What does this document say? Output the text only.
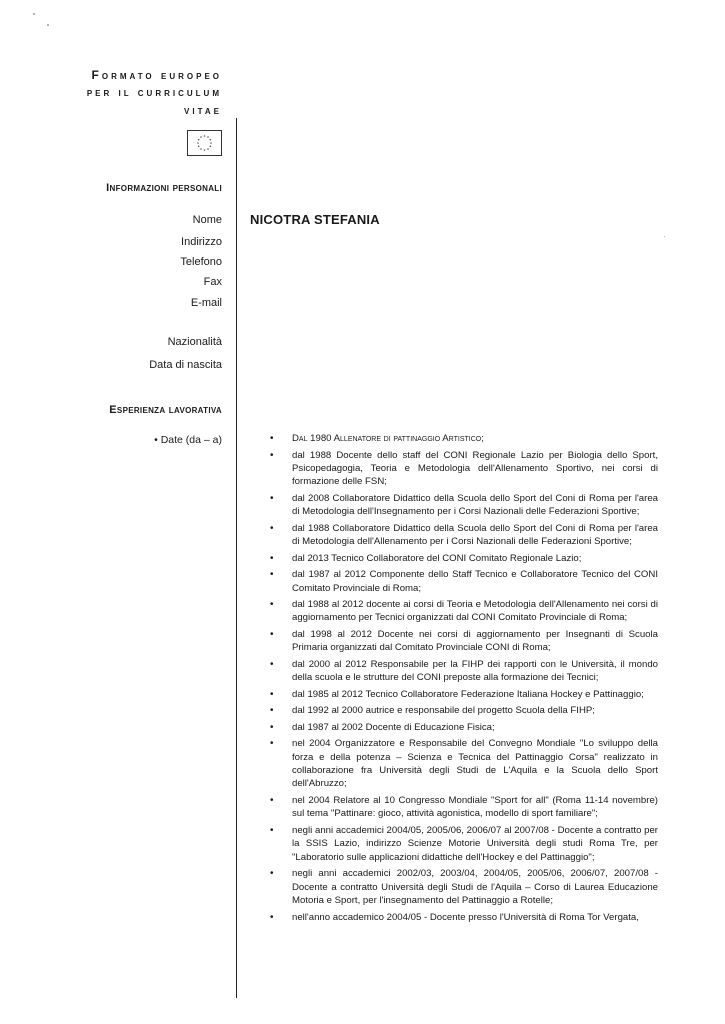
Formato europeo
per il curriculum
vitae
Informazioni personali
Nome
Indirizzo
Telefono
Fax
E-mail
Nazionalità
Data di nascita
NICOTRA STEFANIA
Esperienza lavorativa
• Date (da – a)
•	Dal 1980 Allenatore di pattinaggio Artistico;
• dal 1988 Docente dello staff del CONI Regionale Lazio per Biologia dello Sport, Psicopedagogia, Teoria e Metodologia dell'Allenamento Sportivo, nei corsi di formazione delle FSN;
• dal 2008 Collaboratore Didattico della Scuola dello Sport del Coni di Roma per l'area di Metodologia dell'Insegnamento per i Corsi Nazionali delle Federazioni Sportive;
• dal 1988 Collaboratore Didattico della Scuola dello Sport del Coni di Roma per l'area di Metodologia dell'Allenamento per i Corsi Nazionali delle Federazioni Sportive;
• dal 2013 Tecnico Collaboratore del CONI Comitato Regionale Lazio;
• dal 1987 al 2012 Componente dello Staff Tecnico e Collaboratore Tecnico del CONI Comitato Provinciale di Roma;
• dal 1988 al 2012 docente ai corsi di Teoria e Metodologia dell'Allenamento nei corsi di aggiornamento per Tecnici organizzati dal CONI Comitato Provinciale di Roma;
• dal 1998 al 2012 Docente nei corsi di aggiornamento per Insegnanti di Scuola Primaria organizzati dal Comitato Provinciale CONI di Roma;
• dal 2000 al 2012 Responsabile per la FIHP dei rapporti con le Università, il mondo della scuola e le strutture del CONI preposte alla formazione dei Tecnici;
• dal 1985 al 2012 Tecnico Collaboratore Federazione Italiana Hockey e Pattinaggio;
• dal 1992 al 2000 autrice e responsabile del progetto Scuola della FIHP;
• dal 1987 al 2002 Docente di Educazione Fisica;
• nel 2004 Organizzatore e Responsabile del Convegno Mondiale "Lo sviluppo della forza e della potenza – Scienza e Tecnica del Pattinaggio Corsa" realizzato in collaborazione fra Università degli Studi de L'Aquila e la Scuola dello Sport dell'Abruzzo;
• nel 2004 Relatore al 10 Congresso Mondiale "Sport for all" (Roma 11-14 novembre) sul tema "Pattinare: gioco, attività agonistica, modello di sport familiare";
• negli anni accademici 2004/05, 2005/06, 2006/07 al 2007/08 - Docente a contratto per la SSIS Lazio, indirizzo Scienze Motorie Università degli studi Roma Tre, per "Laboratorio sulle applicazioni didattiche dell'Hockey e del Pattinaggio";
• negli anni accademici 2002/03, 2003/04, 2004/05, 2005/06, 2006/07, 2007/08 - Docente a contratto Università degli Studi de l'Aquila – Corso di Laurea Educazione Motoria e Sport, per l'insegnamento del Pattinaggio a Rotelle;
• nell'anno accademico 2004/05 - Docente presso l'Università di Roma Tor Vergata,
